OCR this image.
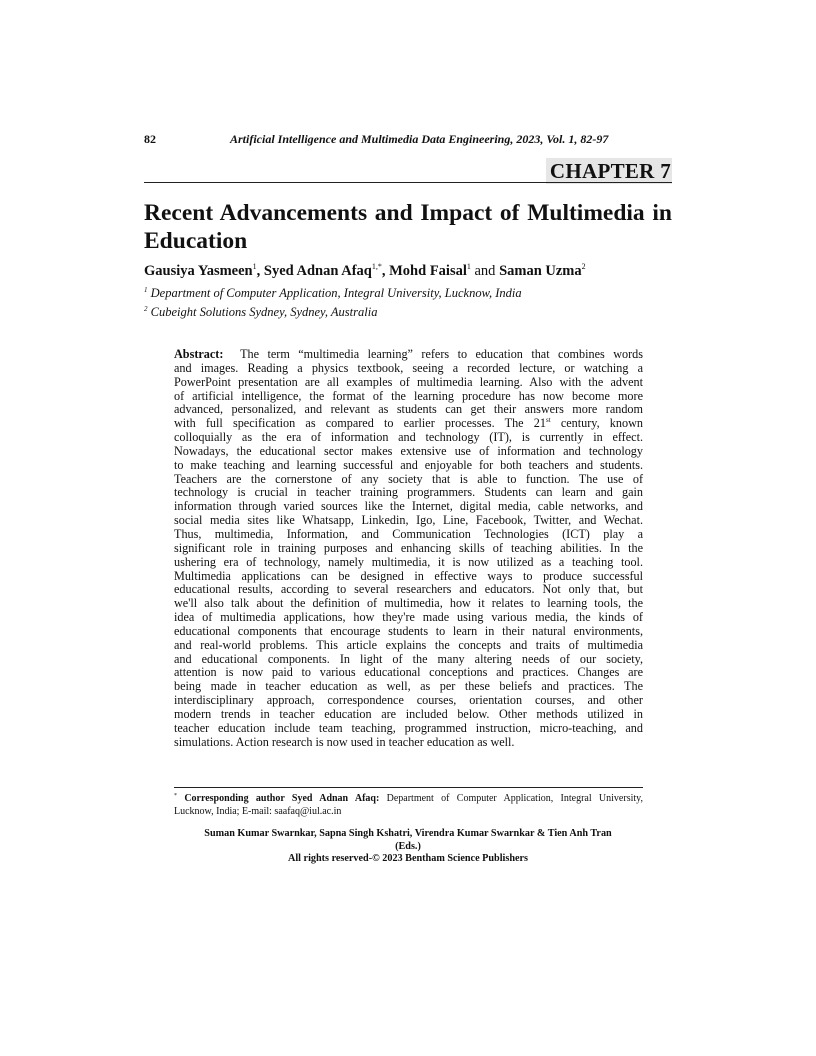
82	Artificial Intelligence and Multimedia Data Engineering, 2023, Vol. 1, 82-97
CHAPTER 7
Recent Advancements and Impact of Multimedia in Education
Gausiya Yasmeen$^1$, Syed Adnan Afaq$^{1,*}$, Mohd Faisal$^1$ and Saman Uzma$^2$
$^1$ Department of Computer Application, Integral University, Lucknow, India
$^2$ Cubeight Solutions Sydney, Sydney, Australia
Abstract: The term “multimedia learning” refers to education that combines words
and images. Reading a physics textbook, seeing a recorded lecture, or watching a
PowerPoint presentation are all examples of multimedia learning. Also with the advent
of artificial intelligence, the format of the learning procedure has now become more
advanced, personalized, and relevant as students can get their answers more random
with full specification as compared to earlier processes. The 21st century, known
colloquially as the era of information and technology (IT), is currently in effect.
Nowadays, the educational sector makes extensive use of information and technology
to make teaching and learning successful and enjoyable for both teachers and students.
Teachers are the cornerstone of any society that is able to function. The use of
technology is crucial in teacher training programmers. Students can learn and gain
information through varied sources like the Internet, digital media, cable networks, and
social media sites like Whatsapp, Linkedin, Igo, Line, Facebook, Twitter, and Wechat.
Thus, multimedia, Information, and Communication Technologies (ICT) play a
significant role in training purposes and enhancing skills of teaching abilities. In the
ushering era of technology, namely multimedia, it is now utilized as a teaching tool.
Multimedia applications can be designed in effective ways to produce successful
educational results, according to several researchers and educators. Not only that, but
we'll also talk about the definition of multimedia, how it relates to learning tools, the
idea of multimedia applications, how they're made using various media, the kinds of
educational components that encourage students to learn in their natural environments,
and real-world problems. This article explains the concepts and traits of multimedia
and educational components. In light of the many altering needs of our society,
attention is now paid to various educational conceptions and practices. Changes are
being made in teacher education as well, as per these beliefs and practices. The
interdisciplinary approach, correspondence courses, orientation courses, and other
modern trends in teacher education are included below. Other methods utilized in
teacher education include team teaching, programmed instruction, micro-teaching, and
simulations. Action research is now used in teacher education as well.
* Corresponding author Syed Adnan Afaq: Department of Computer Application, Integral University,
Lucknow, India; E-mail: saafaq@iul.ac.in
Suman Kumar Swarnkar, Sapna Singh Kshatri, Virendra Kumar Swarnkar & Tien Anh Tran
(Eds.)
All rights reserved-© 2023 Bentham Science Publishers
